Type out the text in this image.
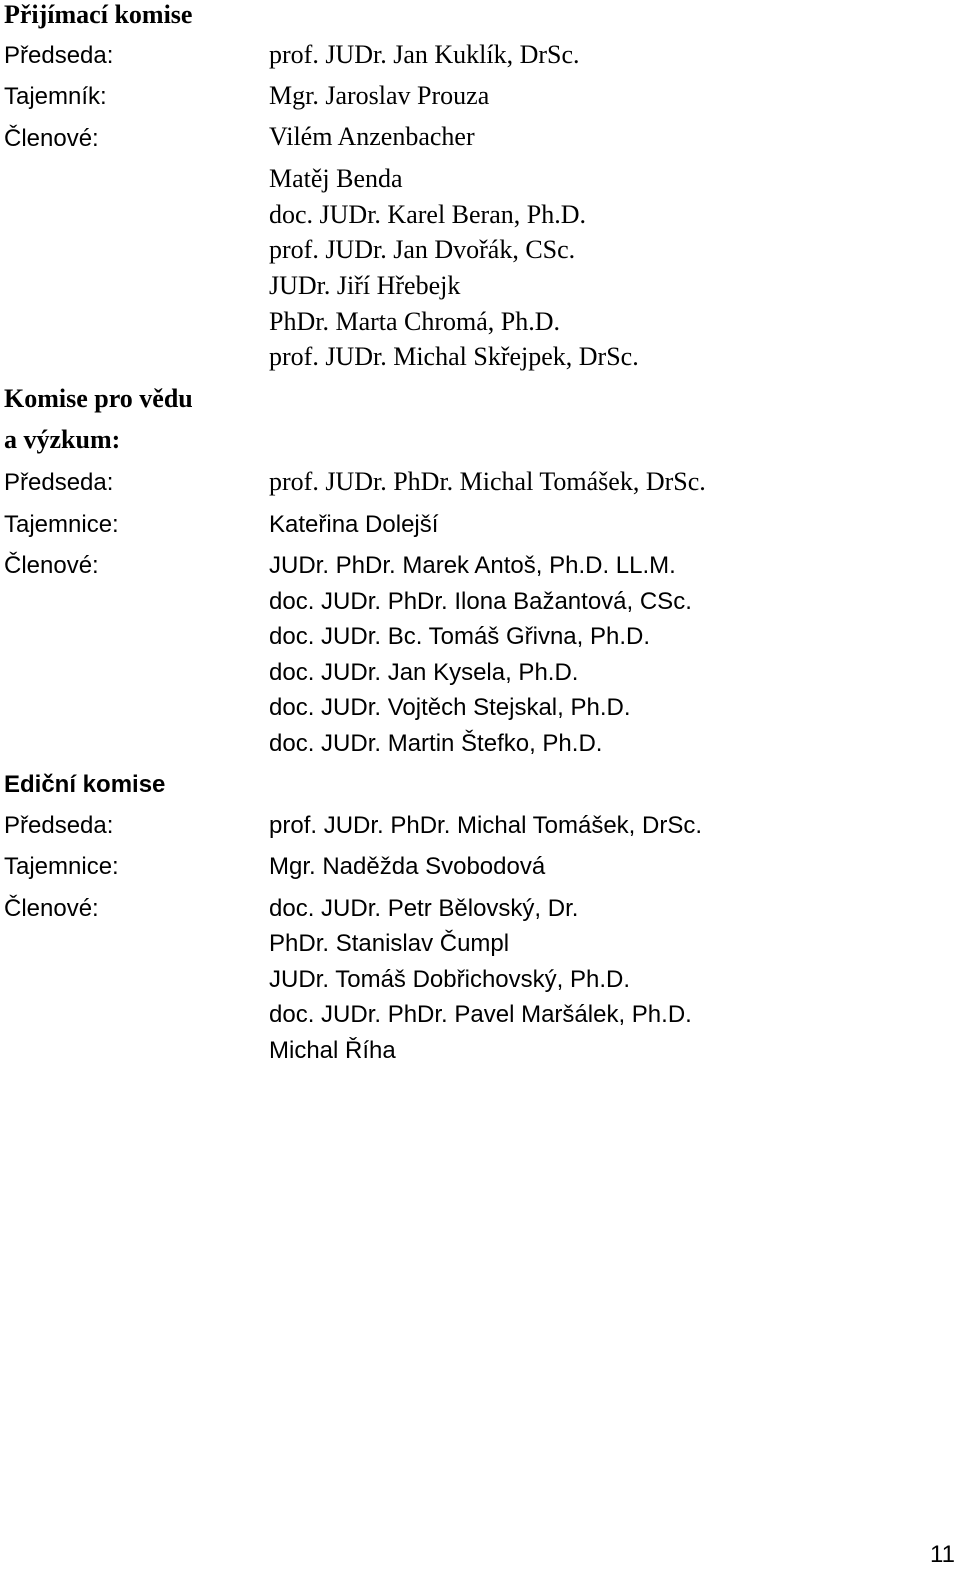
Přijímací komise
Předseda:	prof. JUDr. Jan Kuklík, DrSc.
Tajemník:	Mgr. Jaroslav Prouza
Členové:	Vilém Anzenbacher
Matěj Benda
doc. JUDr. Karel Beran, Ph.D.
prof. JUDr. Jan Dvořák, CSc.
JUDr. Jiří Hřebejk
PhDr. Marta Chromá, Ph.D.
prof. JUDr. Michal Skřejpek, DrSc.
Komise pro vědu
a výzkum:
Předseda:	prof. JUDr. PhDr. Michal Tomášek, DrSc.
Tajemnice:	Kateřina Dolejší
Členové:	JUDr. PhDr. Marek Antoš, Ph.D. LL.M.
doc. JUDr. PhDr. Ilona Bažantová, CSc.
doc. JUDr. Bc. Tomáš Gřivna, Ph.D.
doc. JUDr. Jan Kysela, Ph.D.
doc. JUDr. Vojtěch Stejskal, Ph.D.
doc. JUDr. Martin Štefko, Ph.D.
Ediční komise
Předseda:	prof. JUDr. PhDr. Michal Tomášek, DrSc.
Tajemnice:	Mgr. Naděžda Svobodová
Členové:	doc. JUDr. Petr Bělovský, Dr.
PhDr. Stanislav Čumpl
JUDr. Tomáš Dobřichovský, Ph.D.
doc. JUDr. PhDr. Pavel Maršálek, Ph.D.
Michal Říha
11
